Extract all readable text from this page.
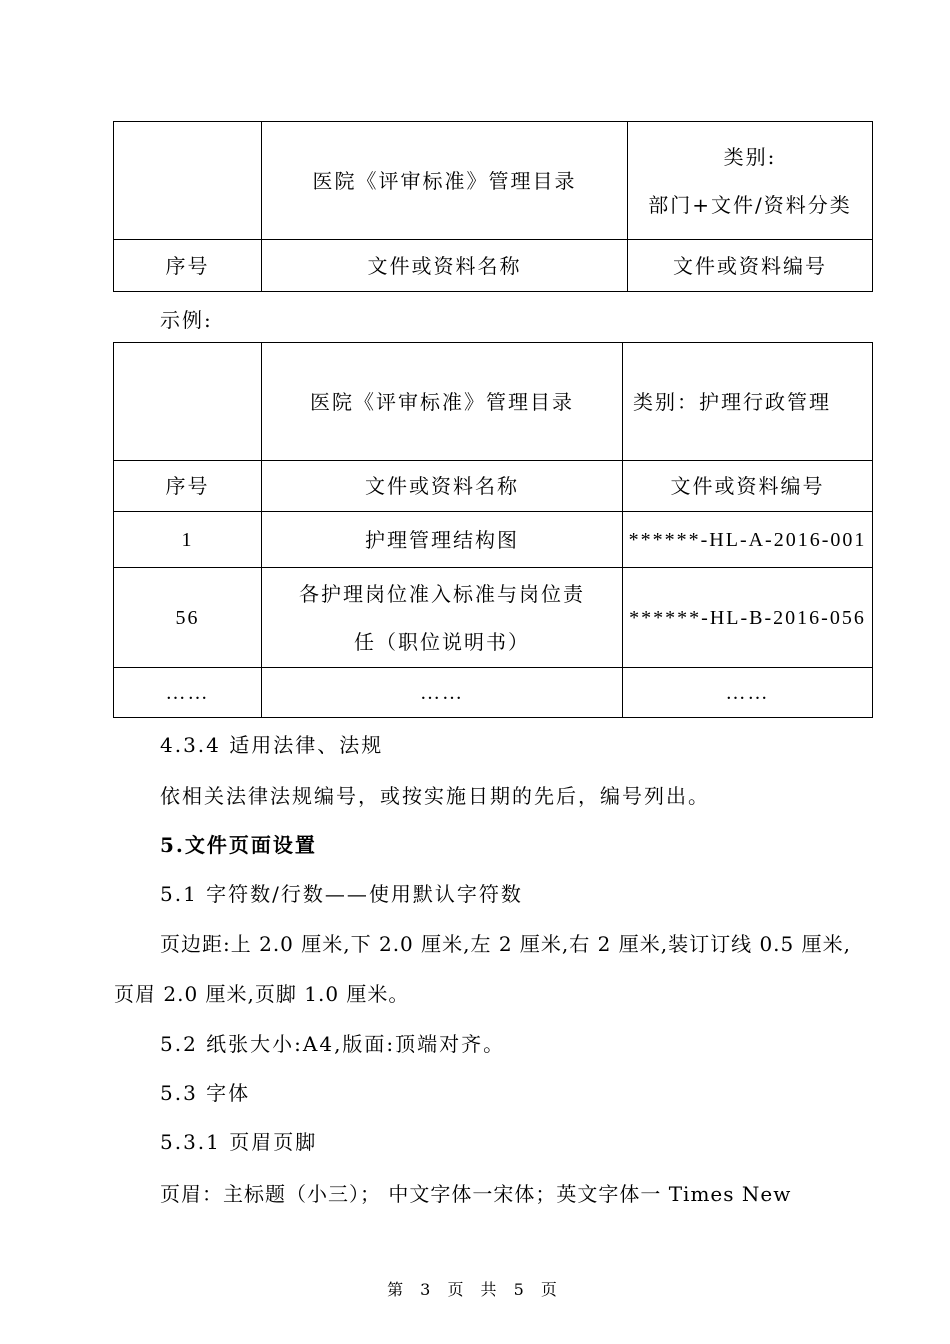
	医院《评审标准》管理目录	类别:
部门+文件/资料分类

序号	文件或资料名称	文件或资料编号
示例:
	医院《评审标准》管理目录	类别：护理行政管理
序号	文件或资料名称	文件或资料编号
1	护理管理结构图	******-HL-A-2016-001
56	各护理岗位准入标准与岗位责
任（职位说明书）	******-HL-B-2016-056
……	……	……
4.3.4 适用法律、法规
依相关法律法规编号，或按实施日期的先后，编号列出。
5.文件页面设置
5.1 字符数/行数——使用默认字符数
页边距:上 2.0 厘米,下 2.0 厘米,左 2 厘米,右 2 厘米,装订订线 0.5 厘米,
页眉 2.0 厘米,页脚 1.0 厘米。
5.2 纸张大小:A4,版面:顶端对齐。
5.3 字体
5.3.1 页眉页脚
页眉：主标题（小三）； 中文字体一宋体；英文字体一 Times New
第 3 页 共 5 页
